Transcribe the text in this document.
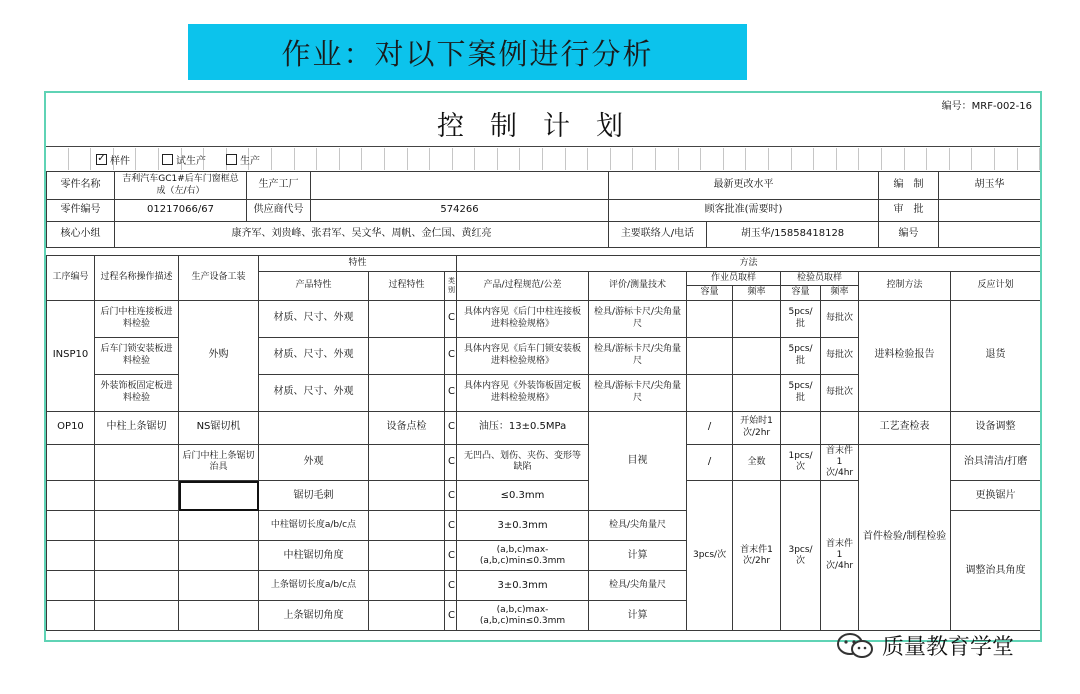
作业：对以下案例进行分析
编号：MRF-002-16
控制计划
✓ 样件	试生产	生产
零件名称	吉利汽车GC1#后车门窗框总成（左/右）	生产工厂		最新更改水平		编　制	胡玉华
零件编号	01217066/67	供应商代号	574266	顾客批准(需要时)		审　批	
核心小组	康齐军、刘贵峰、张君军、吴文华、周帆、金仁国、黄红亮			主要联络人/电话	胡玉华/15858418128	编号	
工序编号	过程名称操作描述	生产设备工装	特性			方法							
			产品特性	过程特性	类别	产品/过程规范/公差	评价/测量技术	作业员取样		检验员取样		控制方法	反应计划
								容量	频率	容量	频率		
INSP10	后门中柱连接板进料检验	外购	材质、尺寸、外观		C	具体内容见《后门中柱连接板进料检验规格》	检具/游标卡尺/尖角量尺			5pcs/批	每批次	进料检验报告	退货
	后车门锁安装板进料检验		材质、尺寸、外观		C	具体内容见《后车门锁安装板进料检验规格》	检具/游标卡尺/尖角量尺			5pcs/批	每批次		
	外装饰板固定板进料检验		材质、尺寸、外观		C	具体内容见《外装饰板固定板进料检验规格》	检具/游标卡尺/尖角量尺			5pcs/批	每批次		
OP10	中柱上条锯切	NS锯切机		设备点检	C	油压：13±0.5MPa	目视	/	开始时1次/2hr			工艺查检表	设备调整
		后门中柱上条锯切治具	外观		C	无凹凸、划伤、夹伤、变形等缺陷		/	全数	1pcs/次	首末件1次/4hr	首件检验/制程检验	治具清洁/打磨
			锯切毛刺		C	≤0.3mm		3pcs/次	首末件1次/2hr	3pcs/次	首末件1次/4hr		更换锯片
			中柱锯切长度a/b/c点		C	3±0.3mm	检具/尖角量尺						调整治具角度
			中柱锯切角度		C	(a,b,c)max-(a,b,c)min≤0.3mm	计算						
			上条锯切长度a/b/c点		C	3±0.3mm	检具/尖角量尺						
			上条锯切角度		C	(a,b,c)max-(a,b,c)min≤0.3mm	计算						
质量教育学堂
